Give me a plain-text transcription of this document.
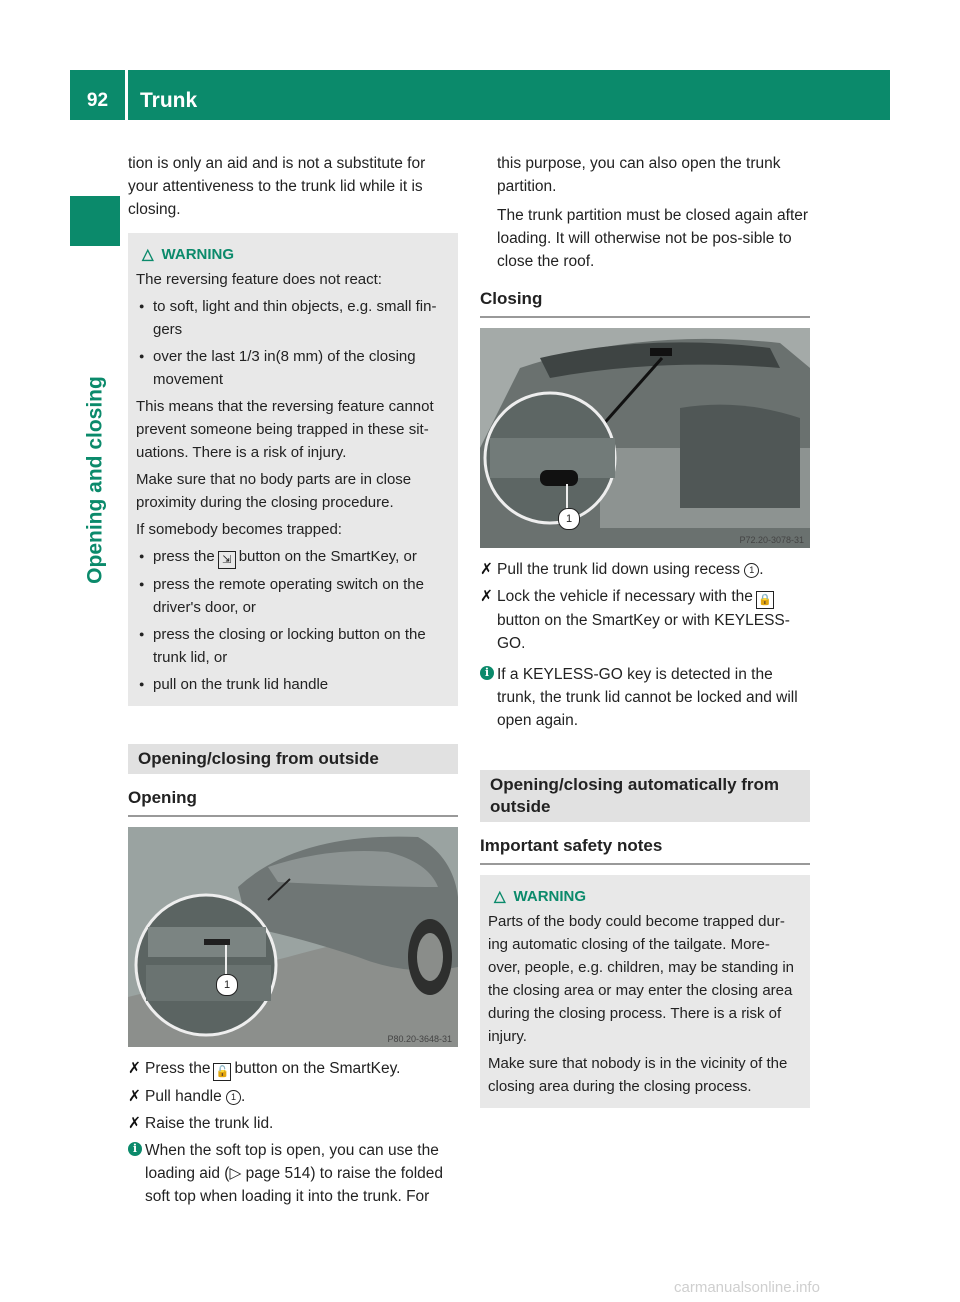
92	Trunk
Opening and closing

tion is only an aid and is not a substitute for your attentiveness to the trunk lid while it is closing.

△ WARNING

The reversing feature does not react:

● to soft, light and thin objects, e.g. small fin-gers
● over the last 1/3 in(8 mm) of the closing movement

This means that the reversing feature cannot prevent someone being trapped in these sit-uations. There is a risk of injury.

Make sure that no body parts are in close proximity during the closing procedure.

If somebody becomes trapped:

● press the ⇲ button on the SmartKey, or
● press the remote operating switch on the driver's door, or
● press the closing or locking button on the trunk lid, or
● pull on the trunk lid handle
Opening/closing from outside
Opening
1
P80.20-3648-31
✗ Press the 🔓 button on the SmartKey.
✗ Pull handle 1 .
✗ Raise the trunk lid.
i When the soft top is open, you can use the loading aid (▷ page 514) to raise the folded soft top when loading it into the trunk. For

this purpose, you can also open the trunk partition.

The trunk partition must be closed again after loading. It will otherwise not be pos-sible to close the roof.

Closing
1
P72.20-3078-31
✗ Pull the trunk lid down using recess 1 .
✗ Lock the vehicle if necessary with the 🔒button on the SmartKey or with KEYLESS-GO.
i If a KEYLESS-GO key is detected in the trunk, the trunk lid cannot be locked and will open again.
Opening/closing automatically from outside
Important safety notes
△ WARNING

Parts of the body could become trapped dur-ing automatic closing of the tailgate. More-over, people, e.g. children, may be standing in the closing area or may enter the closing area during the closing process. There is a risk of injury.

Make sure that nobody is in the vicinity of the closing area during the closing process.

carmanualsonline.info
